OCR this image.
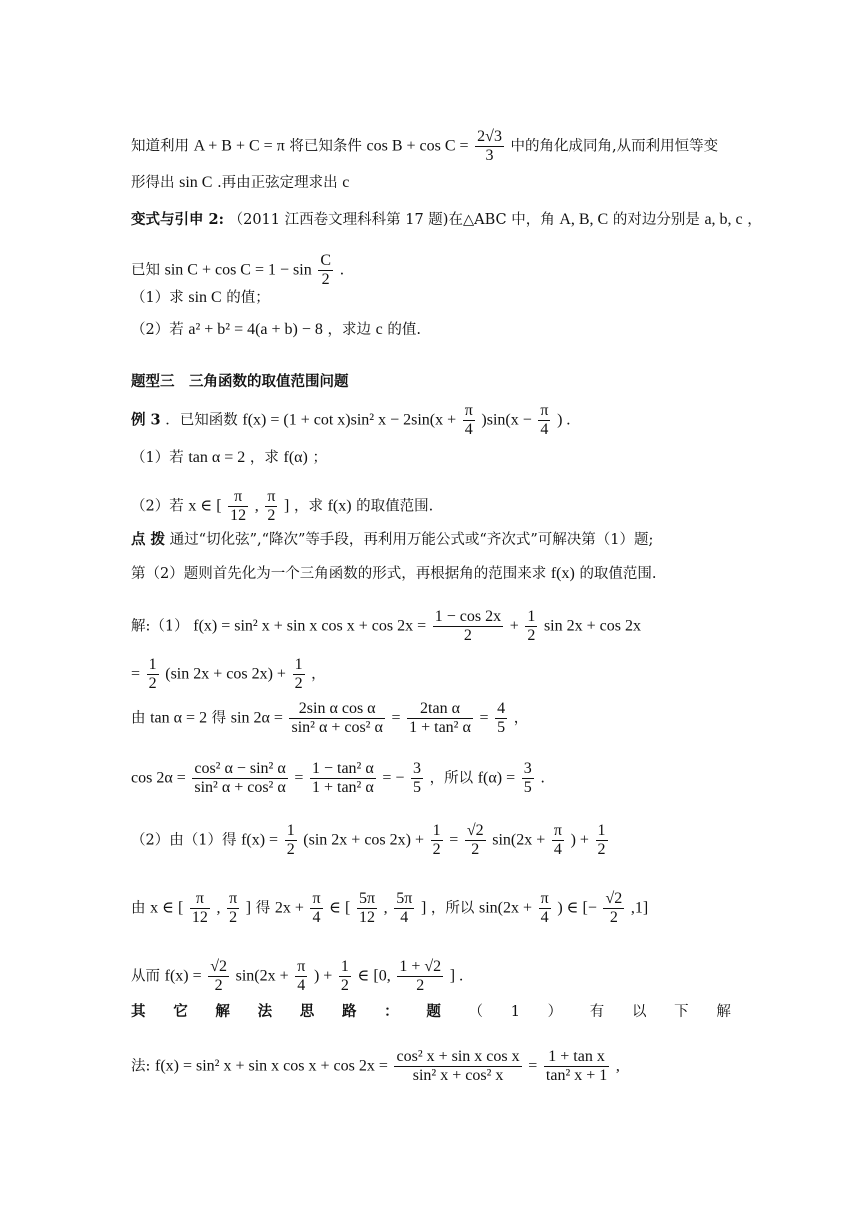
知道利用 A + B + C = π 将已知条件 $\cos B + \cos C = \frac{2√3}{3}$ 中的角化成同角,从而利用恒等变
形得出 sin C .再由正弦定理求出 c
变式与引申 2: （2011 江西卷文理科科第 17 题)在△ABC 中，角 A, B, C 的对边分别是 a, b, c ，
已知 $\sin C + \cos C = 1 - \sin \frac{C}{2}$ .
（1）求 sin C 的值；
（2）若 a² + b² = 4(a + b) − 8 ，求边 c 的值.
题型三　三角函数的取值范围问题
例 3 ．已知函数 f(x) = (1 + cot x)sin² $x - 2\sin(x + \frac{\pi}{4} )\sin(x - \frac{\pi}{4}$ ) .
（1）若 tan α = 2 ，求 f(α) ；
（2）若 x ∈ [ $\frac{\pi}{12}$ , $\frac{\pi}{2}$ ] ，求 f(x) 的取值范围.
点 拨 通过“切化弦”,“降次”等手段，再利用万能公式或“齐次式”可解决第（1）题;
第（2）题则首先化为一个三角函数的形式，再根据角的范围来求 f(x) 的取值范围.
解:（1） f(x) = sin² x + sin x $\cos x + \cos 2x = \frac{1 - \cos 2x}{2} + \frac{1}{2}$ sin 2x + cos 2x
= $\frac{1}{2} (\sin$ $2x + \cos 2x) + \frac{1}{2}$ ，
由 tan α = 2 得 $\sin 2\alpha = \frac{\text{2sin α cos α}}{\text{sin² α + cos² α}} = \frac{\text{2tan α}}{\text{1 + tan² α}} = \frac{4}{5}$ ，
$\cos 2\alpha = \frac{\text{cos² α − sin² α}}{\text{sin² α + cos² α}} = \frac{\text{1 − tan² α}}{\text{1 + tan² α}}$ = − $\frac{3}{5}$ ，所以 $f(\alpha) = \frac{3}{5}$ .
（2）由（1）得 $f(x) = \frac{1}{2} (\sin$ $2x + \cos 2x) + \frac{1}{2} = \frac{√2}{2} \sin(2x + \frac{\pi}{4}$ ) + $\frac{1}{2}$
由 x ∈ [ $\frac{\pi}{12}$ , $\frac{\pi}{2}$ ] 得 $2x + \frac{\pi}{4}$ ∈ [ $\frac{5\pi}{12}$ , $\frac{5\pi}{4}$ ] ，所以 $\sin(2x + \frac{\pi}{4}$ ) ∈ [− $\frac{√2}{2} ,1$]
从而 $f(x) = \frac{√2}{2} \sin(2x + \frac{\pi}{4}$ ) + $\frac{1}{2}$ ∈ [0, $\frac{1 + √2}{2}$ ] .
其 它 解 法 思 路 ： 题 （ 1 ） 有 以 下 解
法: f(x) = sin² x + sin x $\cos x + \cos 2x = \frac{\text{cos² x + sin x cos x}}{\text{sin² x + cos² x}} = \frac{\text{1 + tan x}}{\text{tan² x + 1}}$ ,
